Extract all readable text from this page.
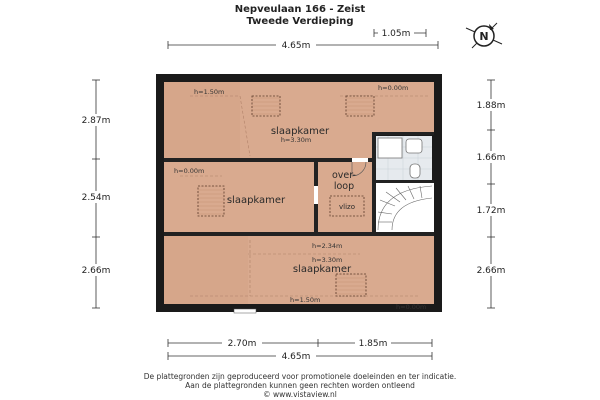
Nepveulaan 166 - Zeist
Tweede Verdieping
4.65m
1.05m
2.87m
2.54m
2.66m
1.88m
1.66m
1.72m
2.66m
2.70m	1.85m
4.65m
N
slaapkamer
slaapkamer
slaapkamer
over-
loop
vlizo
h=1.50m	h=0.00m
h=3.30m
h=0.00m
h=2.34m
h=3.30m
h=1.50m
h=0.00m
De plattegronden zijn geproduceerd voor promotionele doeleinden en ter indicatie.
Aan de plattegronden kunnen geen rechten worden ontleend
© www.vistaview.nl
